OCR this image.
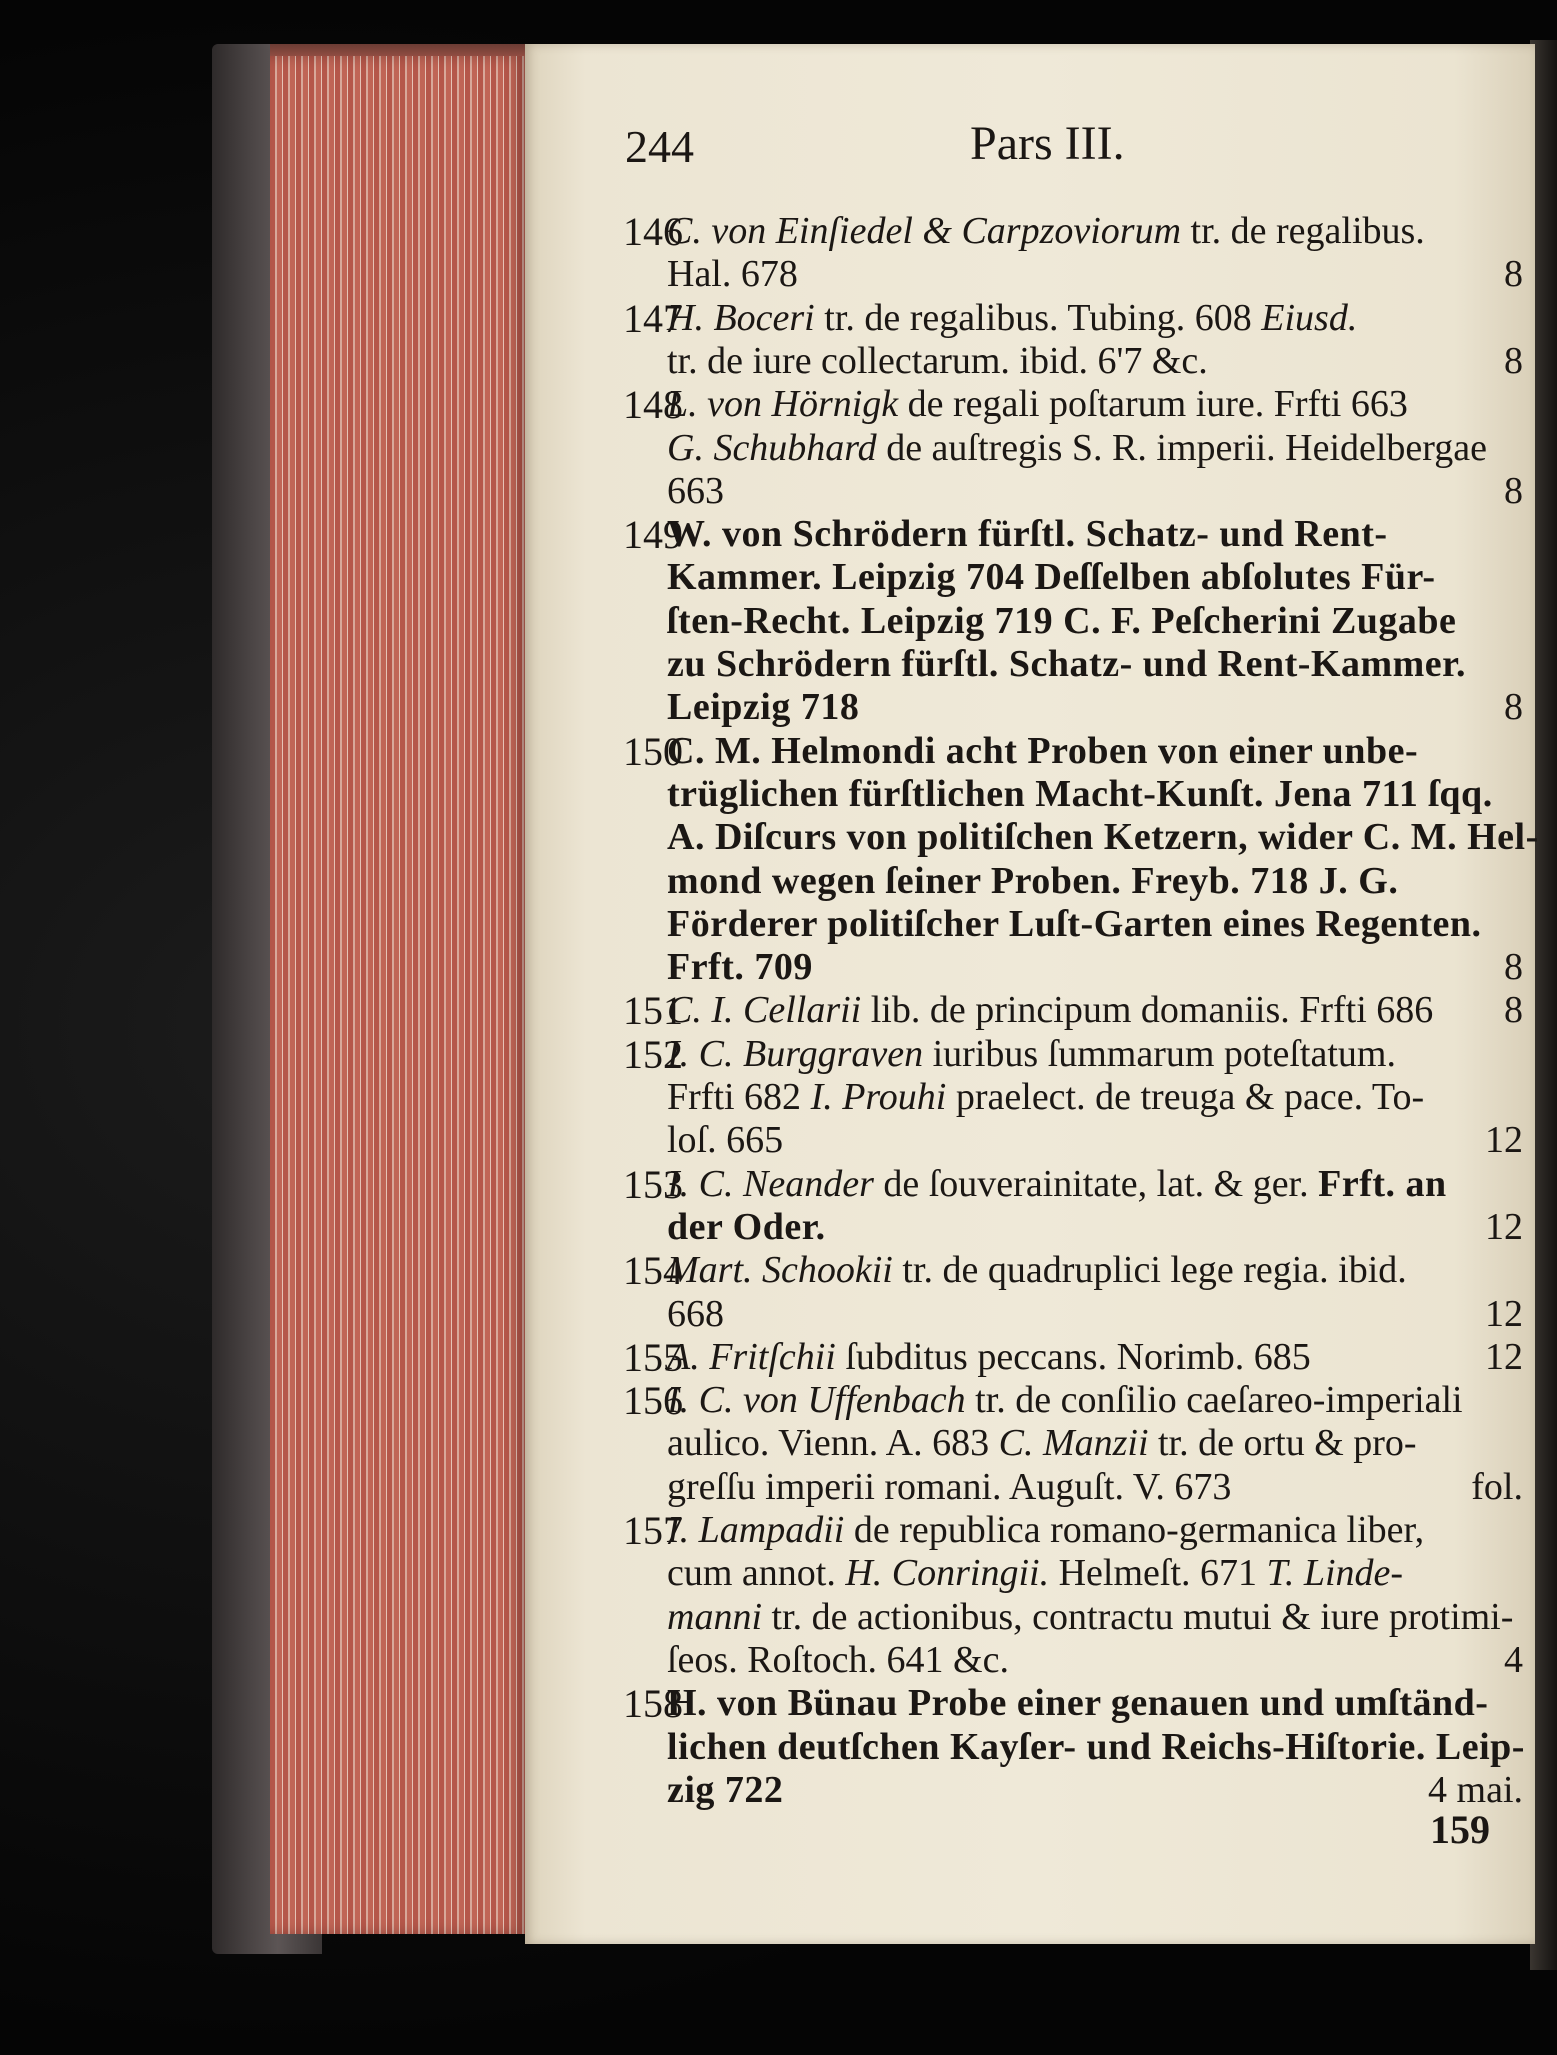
244	Pars III.
146
C. von Einſiedel & Carpzoviorum tr. de regalibus.
Hal. 678	8
147
H. Boceri tr. de regalibus. Tubing. 608 Eiusd.
tr. de iure collectarum. ibid. 6'7 &c.	8
148
L. von Hörnigk de regali poſtarum iure. Frfti 663
G. Schubhard de auſtregis S. R. imperii. Heidelbergae
663	8
149
W. von Schrödern fürſtl. Schatz- und Rent-
Kammer. Leipzig 704 Deſſelben abſolutes Für-
ſten-Recht. Leipzig 719 C. F. Peſcherini Zugabe
zu Schrödern fürſtl. Schatz- und Rent-Kammer.
Leipzig 718	8
150
C. M. Helmondi acht Proben von einer unbe-
trüglichen fürſtlichen Macht-Kunſt. Jena 711 ſqq.
A. Diſcurs von politiſchen Ketzern, wider C. M. Hel-
mond wegen ſeiner Proben. Freyb. 718 J. G.
Förderer politiſcher Luſt-Garten eines Regenten.
Frft. 709	8
151
C. I. Cellarii lib. de principum domaniis. Frfti 686 8
152
I. C. Burggraven iuribus ſummarum poteſtatum.
Frfti 682 I. Prouhi praelect. de treuga & pace. To-
loſ. 665	12
153
I. C. Neander de ſouverainitate, lat. & ger. Frft. an
der Oder.	12
154
Mart. Schookii tr. de quadruplici lege regia. ibid.
668	12
155
A. Fritſchii ſubditus peccans. Norimb. 685	12
156
I. C. von Uffenbach tr. de conſilio caeſareo-imperiali
aulico. Vienn. A. 683 C. Manzii tr. de ortu & pro-
greſſu imperii romani. Auguſt. V. 673	fol.
157
I. Lampadii de republica romano-germanica liber,
cum annot. H. Conringii. Helmeſt. 671 T. Linde-
manni tr. de actionibus, contractu mutui & iure protimi-
ſeos. Roſtoch. 641 &c.	4
158
H. von Bünau Probe einer genauen und umſtänd-
lichen deutſchen Kayſer- und Reichs-Hiſtorie. Leip-
zig 722	4 mai.
159
